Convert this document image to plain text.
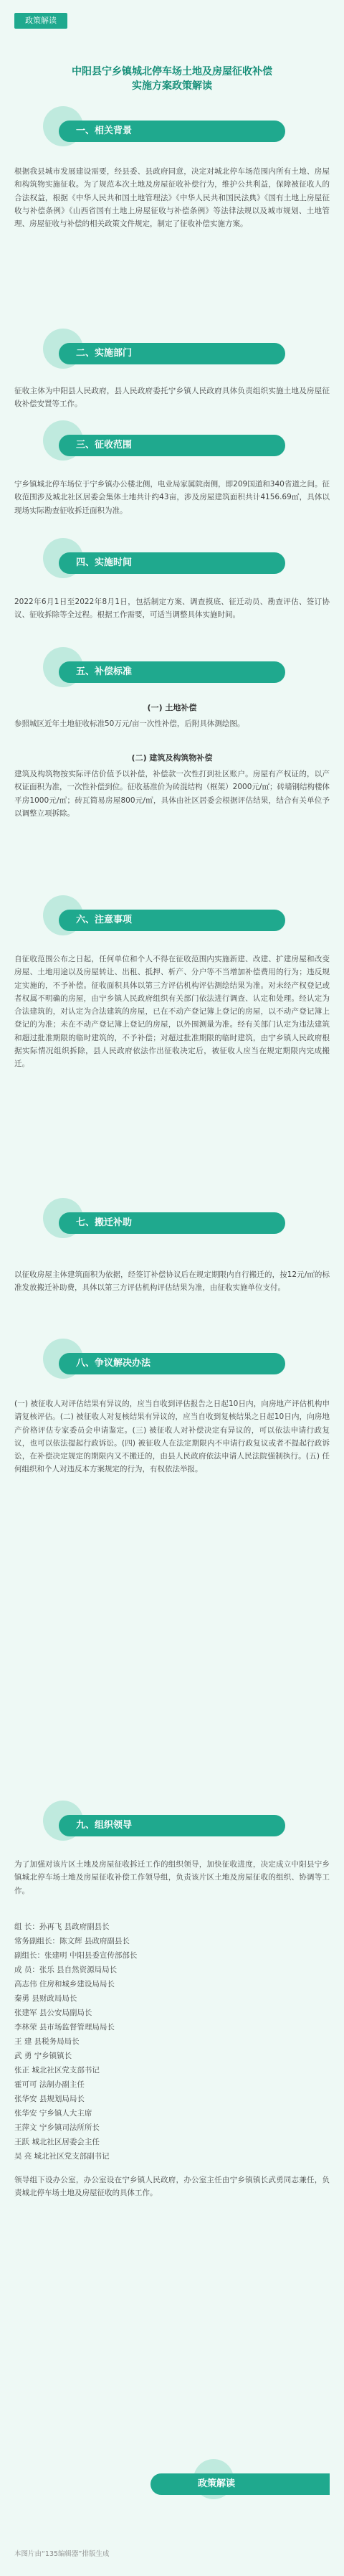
政策解读
中阳县宁乡镇城北停车场土地及房屋征收补偿
实施方案政策解读
一、相关背景
根据我县城市发展建设需要，经县委、县政府同意，决定对城北停车场范围内所有土地、房屋和构筑物实施征收。为了规范本次土地及房屋征收补偿行为，维护公共利益，保障被征收人的合法权益，根据《中华人民共和国土地管理法》《中华人民共和国民法典》《国有土地上房屋征收与补偿条例》《山西省国有土地上房屋征收与补偿条例》等法律法规以及城市规划、土地管理、房屋征收与补偿的相关政策文件规定，制定了征收补偿实施方案。
二、实施部门
征收主体为中阳县人民政府，县人民政府委托宁乡镇人民政府具体负责组织实施土地及房屋征收补偿安置等工作。
三、征收范围
宁乡镇城北停车场位于宁乡镇办公楼北侧，电业局家属院南侧，即209国道和340省道之间。征收范围涉及城北社区居委会集体土地共计约43亩，涉及房屋建筑面积共计4156.69㎡，具体以现场实际勘查征收拆迁面积为准。
四、实施时间
2022年6月1日至2022年8月1日，包括制定方案、调查摸底、征迁动员、勘查评估、签订协议、征收拆除等全过程。根据工作需要，可适当调整具体实施时间。
五、补偿标准
(一) 土地补偿
参照城区近年土地征收标准50万元/亩一次性补偿，后附具体测绘图。
(二) 建筑及构筑物补偿
建筑及构筑物按实际评估价值予以补偿，补偿款一次性打到社区账户。房屋有产权证的，以产权证面积为准，一次性补偿到位。征收基准价为砖混结构（框架）2000元/㎡；砖墙钢结构楼体平房1000元/㎡；砖瓦简易房屋800元/㎡，具体由社区居委会根据评估结果，结合有关单位予以调整立项拆除。
六、注意事项
自征收范围公布之日起，任何单位和个人不得在征收范围内实施新建、改建、扩建房屋和改变房屋、土地用途以及房屋转让、出租、抵押、析产、分户等不当增加补偿费用的行为；违反规定实施的，不予补偿。征收面积具体以第三方评估机构评估测绘结果为准。对未经产权登记或者权属不明确的房屋，由宁乡镇人民政府组织有关部门依法进行调查、认定和处理。经认定为合法建筑的，对认定为合法建筑的房屋，已在不动产登记簿上登记的房屋，以不动产登记簿上登记的为准；未在不动产登记簿上登记的房屋，以外围测量为准。经有关部门认定为违法建筑和超过批准期限的临时建筑的，不予补偿；对超过批准期限的临时建筑，由宁乡镇人民政府根据实际情况组织拆除，县人民政府依法作出征收决定后，被征收人应当在规定期限内完成搬迁。
七、搬迁补助
以征收房屋主体建筑面积为依据，经签订补偿协议后在规定期限内自行搬迁的，按12元/㎡的标准发放搬迁补助费，具体以第三方评估机构评估结果为准，由征收实施单位支付。
八、争议解决办法
(一) 被征收人对评估结果有异议的，应当自收到评估报告之日起10日内，向房地产评估机构申请复核评估。(二) 被征收人对复核结果有异议的，应当自收到复核结果之日起10日内，向房地产价格评估专家委员会申请鉴定。(三) 被征收人对补偿决定有异议的，可以依法申请行政复议，也可以依法提起行政诉讼。(四) 被征收人在法定期限内不申请行政复议或者不提起行政诉讼，在补偿决定规定的期限内又不搬迁的，由县人民政府依法申请人民法院强制执行。(五) 任何组织和个人对违反本方案规定的行为，有权依法举报。
九、组织领导
为了加强对该片区土地及房屋征收拆迁工作的组织领导，加快征收进度，决定成立中阳县宁乡镇城北停车场土地及房屋征收补偿工作领导组，负责该片区土地及房屋征收的组织、协调等工作。
组 长：孙再飞 县政府副县长
常务副组长：陈文辉 县政府副县长
副组长：张建明 中阳县委宣传部部长
成 员：张乐 县自然资源局局长
高志伟 住房和城乡建设局局长
秦勇 县财政局局长
张建军 县公安局副局长
李林荣 县市场监督管理局局长
王 建 县税务局局长
武 勇 宁乡镇镇长
张正 城北社区党支部书记
霍可可 法制办副主任
张华安 县规划局局长
张华安 宁乡镇人大主席
王萍文 宁乡镇司法所所长
王跃 城北社区居委会主任
吴 亮 城北社区党支部副书记
领导组下设办公室，办公室设在宁乡镇人民政府，办公室主任由宁乡镇镇长武勇同志兼任，负责城北停车场土地及房屋征收的具体工作。
政策解读
本图片由“135编辑器”排版生成
